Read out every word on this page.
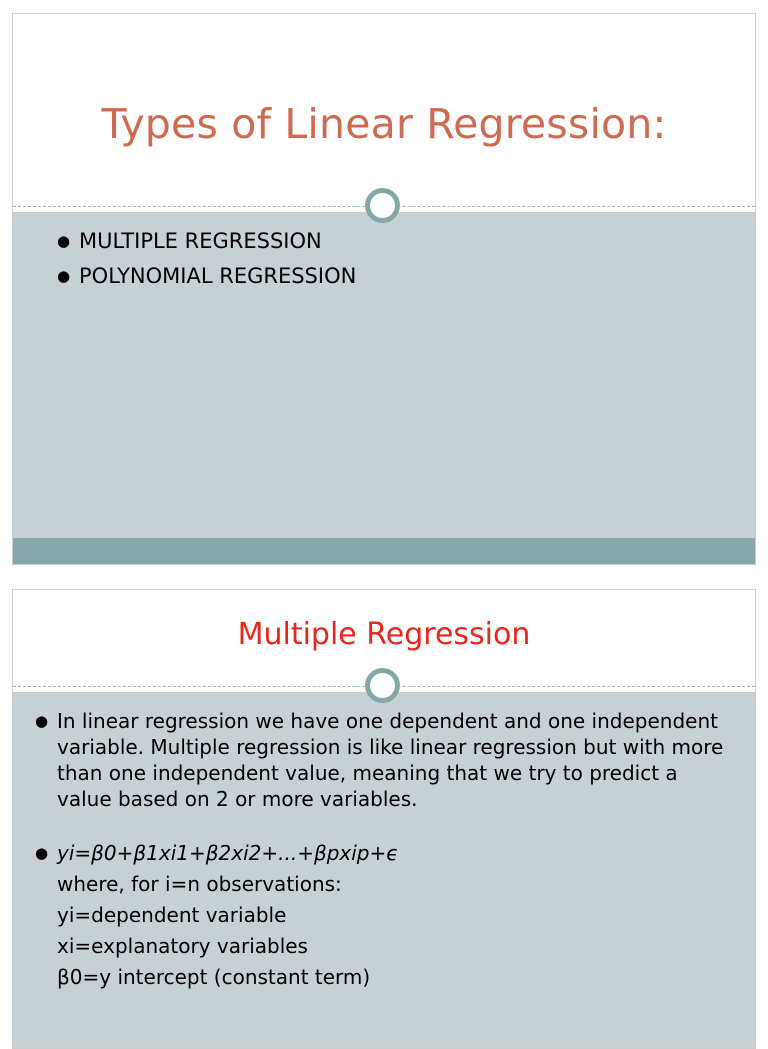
Types of Linear Regression:
● MULTIPLE REGRESSION
● POLYNOMIAL REGRESSION
Multiple Regression
● In linear regression we have one dependent and one independent variable. Multiple regression is like linear regression but with more than one independent value, meaning that we try to predict a value based on 2 or more variables.
● yi=β0+β1xi1+β2xi2+...+βpxip+ϵ
where, for i=n observations:
yi=dependent variable
xi=explanatory variables
β0=y intercept (constant term)
